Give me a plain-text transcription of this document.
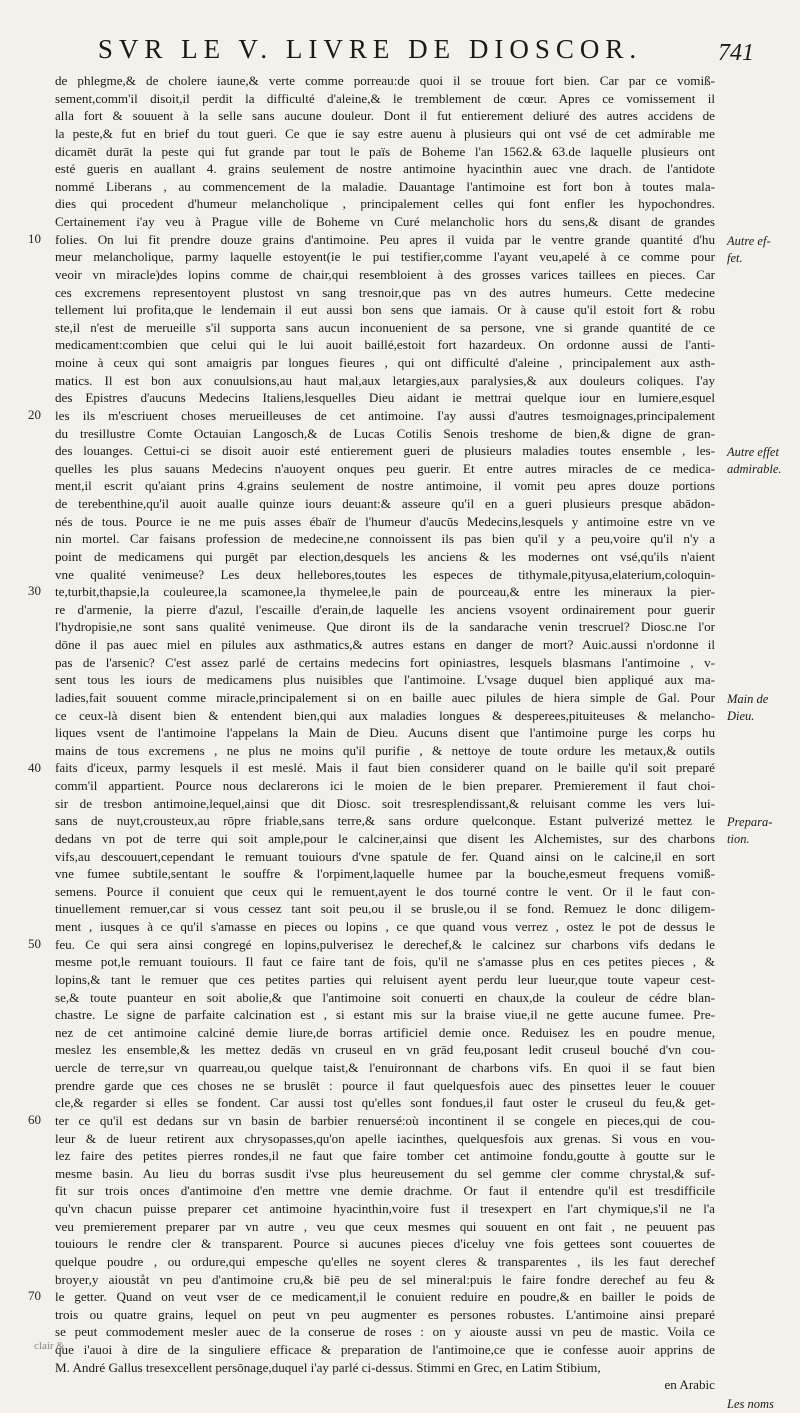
SVR LE V. LIVRE DE DIOSCOR.	741
de phlegme,& de cholere iaune,& verte comme porreau:de quoi il se trouue fort bien. Car par ce vomiß-
sement,comm'il disoit,il perdit la difficulté d'aleine,& le tremblement de cœur. Apres ce vomissement il
alla fort & souuent à la selle sans aucune douleur. Dont il fut entierement deliuré des autres accidens de
la peste,& fut en brief du tout gueri. Ce que ie say estre auenu à plusieurs qui ont vsé de cet admirable me
dicamēt durāt la peste qui fut grande par tout le païs de Boheme l'an 1562.& 63.de laquelle plusieurs ont
esté gueris en auallant 4. grains seulement de nostre antimoine hyacinthin auec vne drach. de l'antidote
nommé Liberans , au commencement de la maladie. Dauantage l'antimoine est fort bon à toutes mala-
dies qui procedent d'humeur melancholique , principalement celles qui font enfler les hypochondres.
Certainement i'ay veu à Prague ville de Boheme vn Curé melancholic hors du sens,& disant de grandes
folies. On lui fit prendre douze grains d'antimoine. Peu apres il vuida par le ventre grande quantité d'hu
meur melancholique, parmy laquelle estoyent(ie le pui testifier,comme l'ayant veu,apelé à ce comme pour
veoir vn miracle)des lopins comme de chair,qui resembloient à des grosses varices taillees en pieces. Car
ces excremens representoyent plustost vn sang tresnoir,que pas vn des autres humeurs. Cette medecine
tellement lui profita,que le lendemain il eut aussi bon sens que iamais. Or à cause qu'il estoit fort & robu
ste,il n'est de merueille s'il supporta sans aucun inconuenient de sa persone, vne si grande quantité de ce
medicament:combien que celui qui le lui auoit baillé,estoit fort hazardeux. On ordonne aussi de l'anti-
moine à ceux qui sont amaigris par longues fieures , qui ont difficulté d'aleine , principalement aux asth-
matics. Il est bon aux conuulsions,au haut mal,aux letargies,aux paralysies,& aux douleurs coliques. I'ay
des Epistres d'aucuns Medecins Italiens,lesquelles Dieu aidant ie mettrai quelque iour en lumiere,esquel
les ils m'escriuent choses merueilleuses de cet antimoine. I'ay aussi d'autres tesmoignages,principalement
du tresillustre Comte Octauian Langosch,& de Lucas Cotilis Senois treshome de bien,& digne de gran-
des louanges. Cettui-ci se disoit auoir esté entierement gueri de plusieurs maladies toutes ensemble , les-
quelles les plus sauans Medecins n'auoyent onques peu guerir. Et entre autres miracles de ce medica-
ment,il escrit qu'aiant prins 4.grains seulement de nostre antimoine, il vomit peu apres douze portions
de terebenthine,qu'il auoit aualle quinze iours deuant:& asseure qu'il en a gueri plusieurs presque abādon-
nés de tous. Pource ie ne me puis asses ébaïr de l'humeur d'aucūs Medecins,lesquels y antimoine estre vn ve
nin mortel. Car faisans profession de medecine,ne connoissent ils pas bien qu'il y a peu,voire qu'il n'y a
point de medicamens qui purgēt par election,desquels les anciens & les modernes ont vsé,qu'ils n'aient
vne qualité venimeuse? Les deux hellebores,toutes les especes de tithymale,pityusa,elaterium,coloquin-
te,turbit,thapsie,la couleuree,la scamonee,la thymelee,le pain de pourceau,& entre les mineraux la pier-
re d'armenie, la pierre d'azul, l'escaille d'erain,de laquelle les anciens vsoyent ordinairement pour guerir
l'hydropisie,ne sont sans qualité venimeuse. Que diront ils de la sandarache venin trescruel? Diosc.ne l'or
dōne il pas auec miel en pilules aux asthmatics,& autres estans en danger de mort? Auic.aussi n'ordonne il
pas de l'arsenic? C'est assez parlé de certains medecins fort opiniastres, lesquels blasmans l'antimoine , v-
sent tous les iours de medicamens plus nuisibles que l'antimoine. L'vsage duquel bien appliqué aux ma-
ladies,fait souuent comme miracle,principalement si on en baille auec pilules de hiera simple de Gal. Pour
ce ceux-là disent bien & entendent bien,qui aux maladies longues & desperees,pituiteuses & melancho-
liques vsent de l'antimoine l'appelans la Main de Dieu. Aucuns disent que l'antimoine purge les corps hu
mains de tous excremens , ne plus ne moins qu'il purifie , & nettoye de toute ordure les metaux,& outils
faits d'iceux, parmy lesquels il est meslé. Mais il faut bien considerer quand on le baille qu'il soit preparé
comm'il appartient. Pource nous declarerons ici le moien de le bien preparer. Premierement il faut choi-
sir de tresbon antimoine,lequel,ainsi que dit Diosc. soit tresresplendissant,& reluisant comme les vers lui-
sans de nuyt,crousteux,au rōpre friable,sans terre,& sans ordure quelconque. Estant pulverizé mettez le
dedans vn pot de terre qui soit ample,pour le calciner,ainsi que disent les Alchemistes, sur des charbons
vifs,au descouuert,cependant le remuant touiours d'vne spatule de fer. Quand ainsi on le calcine,il en sort
vne fumee subtile,sentant le souffre & l'orpiment,laquelle humee par la bouche,esmeut frequens vomiß-
semens. Pource il conuient que ceux qui le remuent,ayent le dos tourné contre le vent. Or il le faut con-
tinuellement remuer,car si vous cessez tant soit peu,ou il se brusle,ou il se fond. Remuez le donc diligem-
ment , iusques à ce qu'il s'amasse en pieces ou lopins , ce que quand vous verrez , ostez le pot de dessus le
feu. Ce qui sera ainsi congregé en lopins,pulverisez le derechef,& le calcinez sur charbons vifs dedans le
mesme pot,le remuant touiours. Il faut ce faire tant de fois, qu'il ne s'amasse plus en ces petites pieces , &
lopins,& tant le remuer que ces petites parties qui reluisent ayent perdu leur lueur,que toute vapeur cest-
se,& toute puanteur en soit abolie,& que l'antimoine soit conuerti en chaux,de la couleur de cédre blan-
chastre. Le signe de parfaite calcination est , si estant mis sur la braise viue,il ne gette aucune fumee. Pre-
nez de cet antimoine calciné demie liure,de borras artificiel demie once. Reduisez les en poudre menue,
meslez les ensemble,& les mettez dedās vn cruseul en vn grād feu,posant ledit cruseul bouché d'vn cou-
uercle de terre,sur vn quarreau,ou quelque taist,& l'enuironnant de charbons vifs. En quoi il se faut bien
prendre garde que ces choses ne se bruslēt : pource il faut quelquesfois auec des pinsettes leuer le couuer
cle,& regarder si elles se fondent. Car aussi tost qu'elles sont fondues,il faut oster le cruseul du feu,& get-
ter ce qu'il est dedans sur vn basin de barbier renuersé:où incontinent il se congele en pieces,qui de cou-
leur & de lueur retirent aux chrysopasses,qu'on apelle iacinthes, quelquesfois aux grenas. Si vous en vou-
lez faire des petites pierres rondes,il ne faut que faire tomber cet antimoine fondu,goutte à goutte sur le
mesme basin. Au lieu du borras susdit i'vse plus heureusement du sel gemme cler comme chrystal,& suf-
fit sur trois onces d'antimoine d'en mettre vne demie drachme. Or faut il entendre qu'il est tresdifficile
qu'vn chacun puisse preparer cet antimoine hyacinthin,voire fust il tresexpert en l'art chymique,s'il ne l'a
veu premierement preparer par vn autre , veu que ceux mesmes qui souuent en ont fait , ne peuuent pas
touiours le rendre cler & transparent. Pource si aucunes pieces d'iceluy vne fois gettees sont couuertes de
quelque poudre , ou ordure,qui empesche qu'elles ne soyent cleres & transparentes , ils les faut derechef
broyer,y aiouståt vn peu d'antimoine cru,& biē peu de sel mineral:puis le faire fondre derechef au feu &
le getter. Quand on veut vser de ce medicament,il le conuient reduire en poudre,& en bailler le poids de
trois ou quatre grains, lequel on peut vn peu augmenter es persones robustes. L'antimoine ainsi preparé
se peut commodement mesler auec de la conserue de roses : on y aiouste aussi vn peu de mastic. Voila ce
que i'auoi à dire de la singuliere efficace & preparation de l'antimoine,ce que ie confesse auoir apprins de
M. André Gallus tresexcellent persōnage,duquel i'ay parlé ci-dessus. Stimmi en Grec, en Latim Stibium,
en Arabic
10
20
30
40
50
60
70
Autre ef-
fet.
Autre effet
admirable.
Main de
Dieu.
Prepara-
tion.
Les noms
clair &
